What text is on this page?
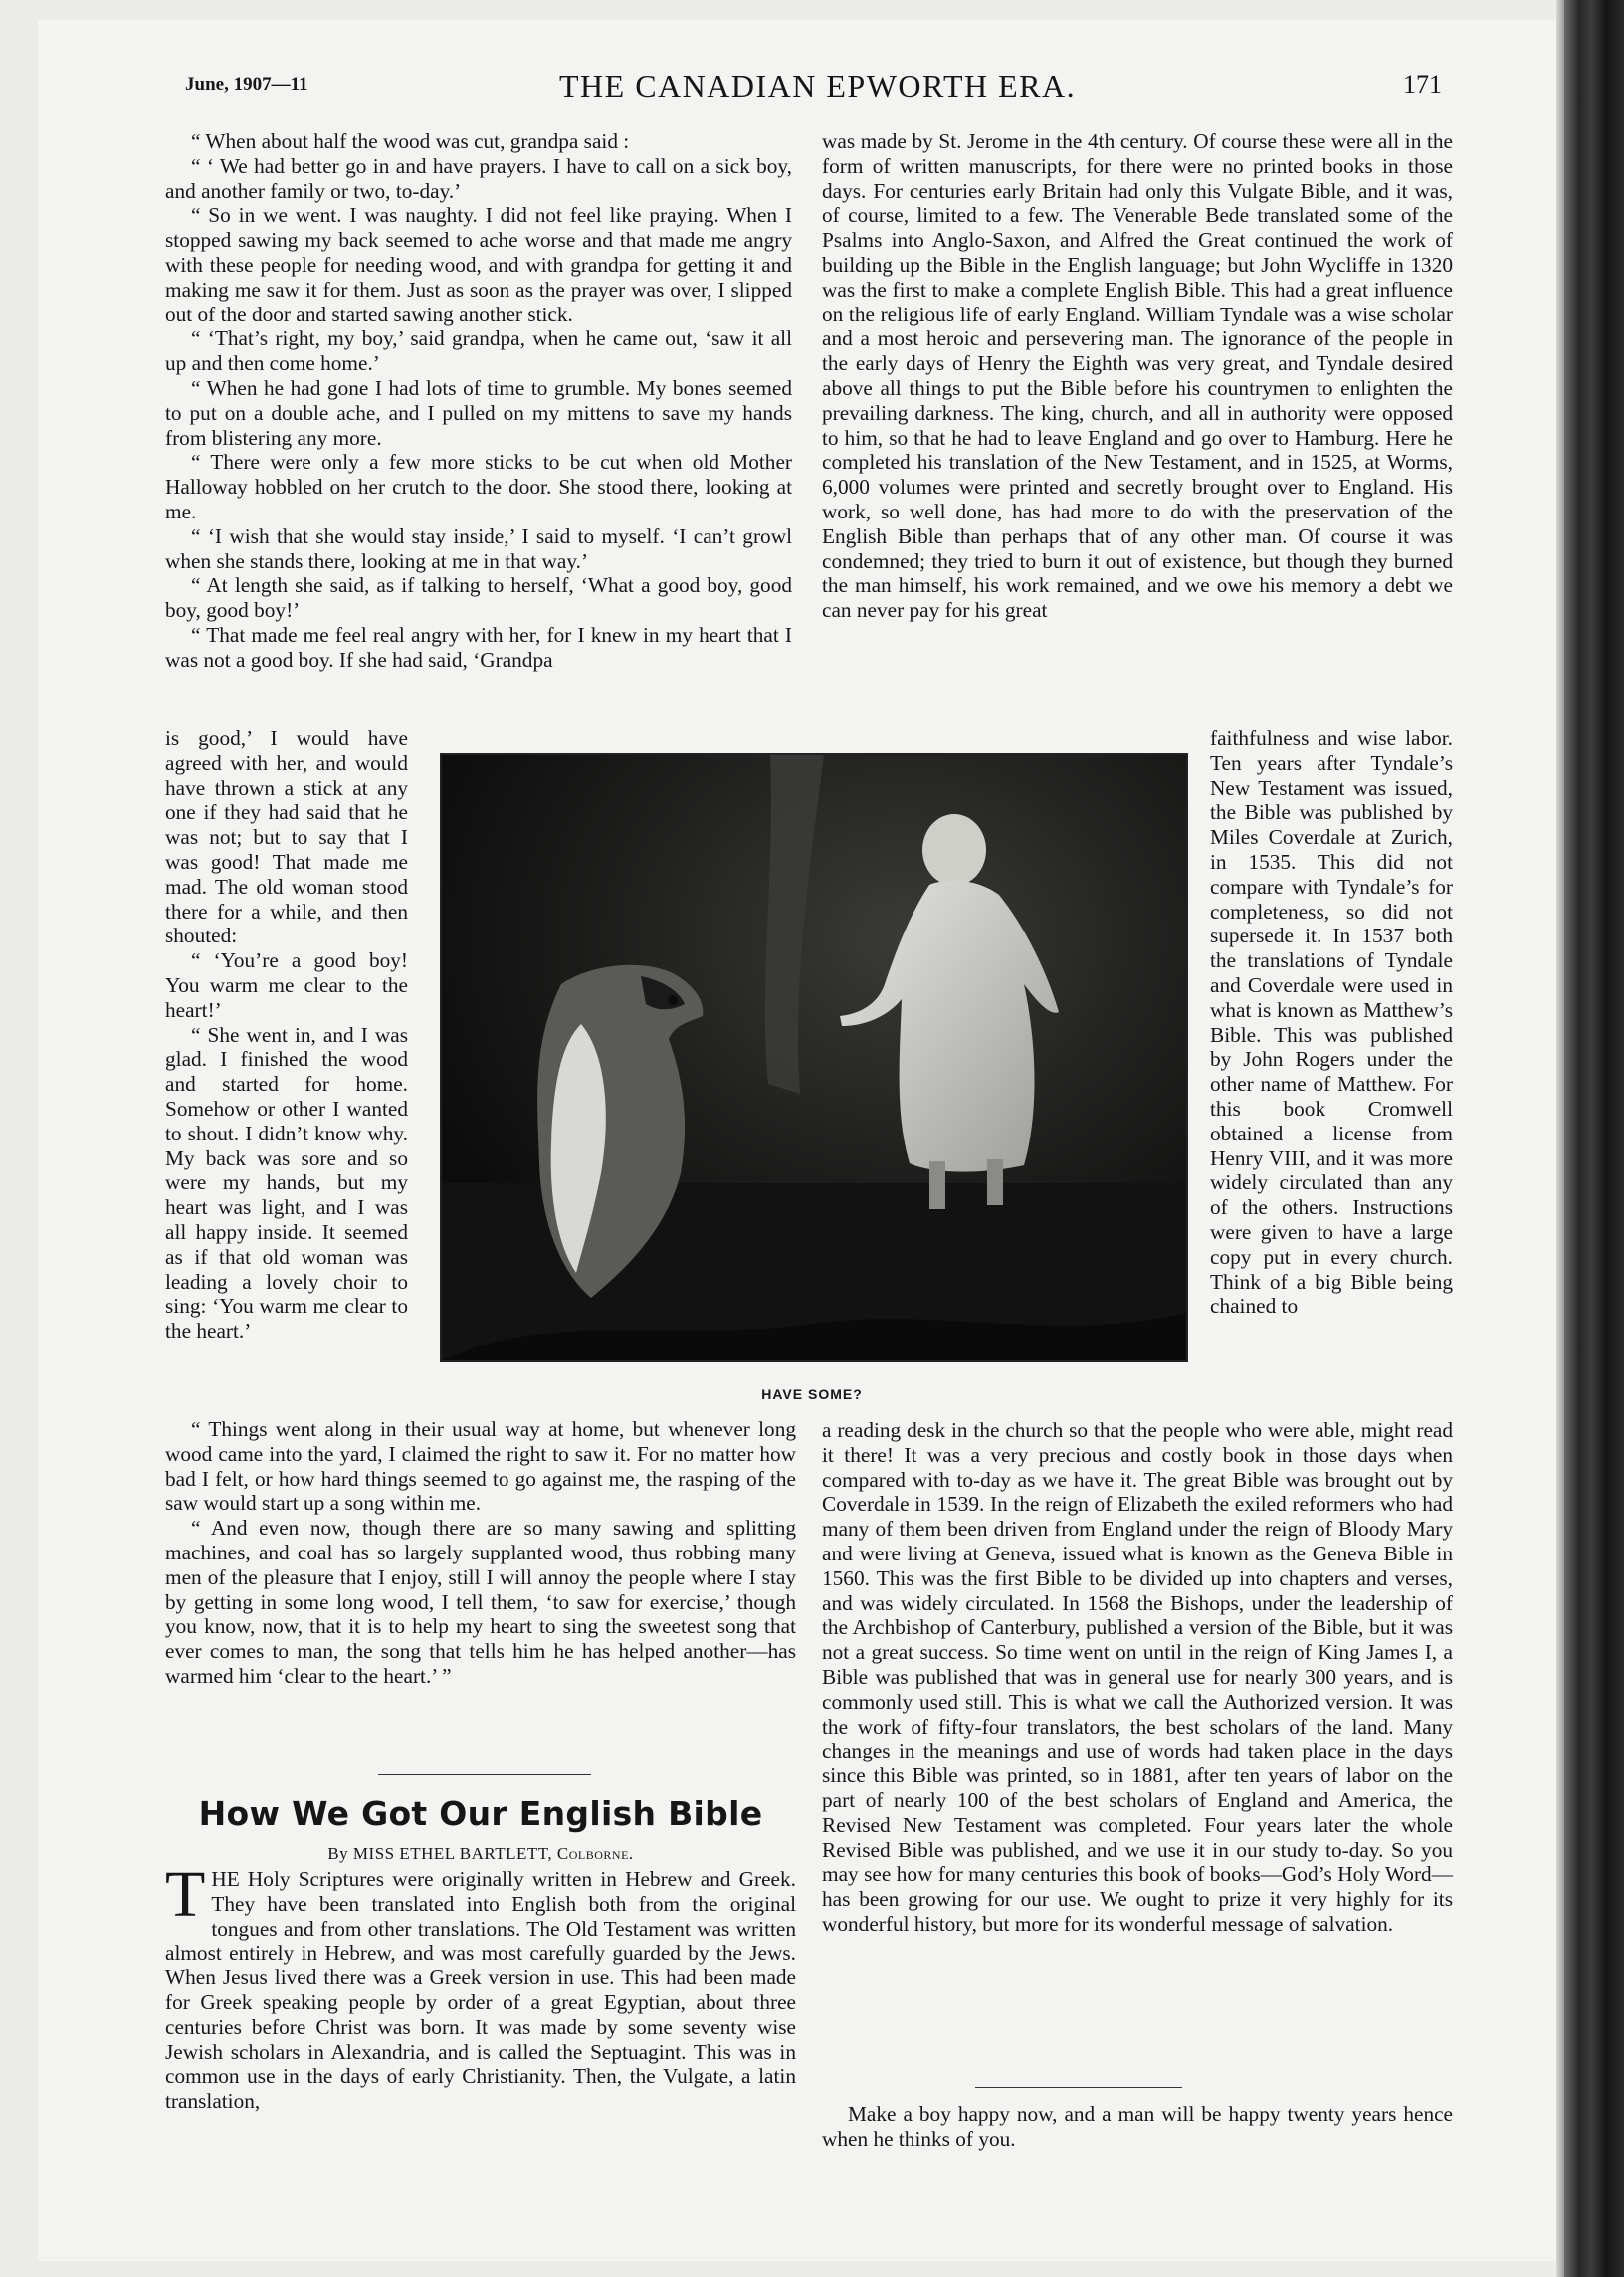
June, 1907—11	THE CANADIAN EPWORTH ERA.	171

“ When about half the wood was cut, grandpa said :

“ ‘ We had better go in and have prayers. I have to call on a sick boy, and another family or two, to-day.’

“ So in we went. I was naughty. I did not feel like praying. When I stopped sawing my back seemed to ache worse and that made me angry with these people for needing wood, and with grandpa for getting it and making me saw it for them. Just as soon as the prayer was over, I slipped out of the door and started sawing another stick.

“ ‘That’s right, my boy,’ said grandpa, when he came out, ‘saw it all up and then come home.’

“ When he had gone I had lots of time to grumble. My bones seemed to put on a double ache, and I pulled on my mittens to save my hands from blistering any more.

“ There were only a few more sticks to be cut when old Mother Halloway hobbled on her crutch to the door. She stood there, looking at me.

“ ‘I wish that she would stay inside,’ I said to myself. ‘I can’t growl when she stands there, looking at me in that way.’

“ At length she said, as if talking to herself, ‘What a good boy, good boy, good boy!’

“ That made me feel real angry with her, for I knew in my heart that I was not a good boy. If she had said, ‘Grandpa

is good,’ I would have agreed with her, and would have thrown a stick at any one if they had said that he was not; but to say that I was good! That made me mad. The old woman stood there for a while, and then shouted:

“ ‘You’re a good boy! You warm me clear to the heart!’

“ She went in, and I was glad. I finished the wood and started for home. Somehow or other I wanted to shout. I didn’t know why. My back was sore and so were my hands, but my heart was light, and I was all happy inside. It seemed as if that old woman was leading a lovely choir to sing: ‘You warm me clear to the heart.’

HAVE SOME?

“ Things went along in their usual way at home, but whenever long wood came into the yard, I claimed the right to saw it. For no matter how bad I felt, or how hard things seemed to go against me, the rasping of the saw would start up a song within me.

“ And even now, though there are so many sawing and splitting machines, and coal has so largely supplanted wood, thus robbing many men of the pleasure that I enjoy, still I will annoy the people where I stay by getting in some long wood, I tell them, ‘to saw for exercise,’ though you know, now, that it is to help my heart to sing the sweetest song that ever comes to man, the song that tells him he has helped another—has warmed him ‘clear to the heart.’ ”

How We Got Our English Bible
By MISS ETHEL BARTLETT, Colborne.

THE Holy Scriptures were originally written in Hebrew and Greek. They have been translated into English both from the original tongues and from other translations. The Old Testament was written almost entirely in Hebrew, and was most carefully guarded by the Jews. When Jesus lived there was a Greek version in use. This had been made for Greek speaking people by order of a great Egyptian, about three centuries before Christ was born. It was made by some seventy wise Jewish scholars in Alexandria, and is called the Septuagint. This was in common use in the days of early Christianity. Then, the Vulgate, a latin translation,

was made by St. Jerome in the 4th century. Of course these were all in the form of written manuscripts, for there were no printed books in those days. For centuries early Britain had only this Vulgate Bible, and it was, of course, limited to a few. The Venerable Bede translated some of the Psalms into Anglo-Saxon, and Alfred the Great continued the work of building up the Bible in the English language; but John Wycliffe in 1320 was the first to make a complete English Bible. This had a great influence on the religious life of early England. William Tyndale was a wise scholar and a most heroic and persevering man. The ignorance of the people in the early days of Henry the Eighth was very great, and Tyndale desired above all things to put the Bible before his countrymen to enlighten the prevailing darkness. The king, church, and all in authority were opposed to him, so that he had to leave England and go over to Hamburg. Here he completed his translation of the New Testament, and in 1525, at Worms, 6,000 volumes were printed and secretly brought over to England. His work, so well done, has had more to do with the preservation of the English Bible than perhaps that of any other man. Of course it was condemned; they tried to burn it out of existence, but though they burned the man himself, his work remained, and we owe his memory a debt we can never pay for his great

faithfulness and wise labor. Ten years after Tyndale’s New Testament was issued, the Bible was published by Miles Coverdale at Zurich, in 1535. This did not compare with Tyndale’s for completeness, so did not supersede it. In 1537 both the translations of Tyndale and Coverdale were used in what is known as Matthew’s Bible. This was published by John Rogers under the other name of Matthew. For this book Cromwell obtained a license from Henry VIII, and it was more widely circulated than any of the others. Instructions were given to have a large copy put in every church. Think of a big Bible being chained to

a reading desk in the church so that the people who were able, might read it there! It was a very precious and costly book in those days when compared with to-day as we have it. The great Bible was brought out by Coverdale in 1539. In the reign of Elizabeth the exiled reformers who had many of them been driven from England under the reign of Bloody Mary and were living at Geneva, issued what is known as the Geneva Bible in 1560. This was the first Bible to be divided up into chapters and verses, and was widely circulated. In 1568 the Bishops, under the leadership of the Archbishop of Canterbury, published a version of the Bible, but it was not a great success. So time went on until in the reign of King James I, a Bible was published that was in general use for nearly 300 years, and is commonly used still. This is what we call the Authorized version. It was the work of fifty-four translators, the best scholars of the land. Many changes in the meanings and use of words had taken place in the days since this Bible was printed, so in 1881, after ten years of labor on the part of nearly 100 of the best scholars of England and America, the Revised New Testament was completed. Four years later the whole Revised Bible was published, and we use it in our study to-day. So you may see how for many centuries this book of books—God’s Holy Word—has been growing for our use. We ought to prize it very highly for its wonderful history, but more for its wonderful message of salvation.

Make a boy happy now, and a man will be happy twenty years hence when he thinks of you.
